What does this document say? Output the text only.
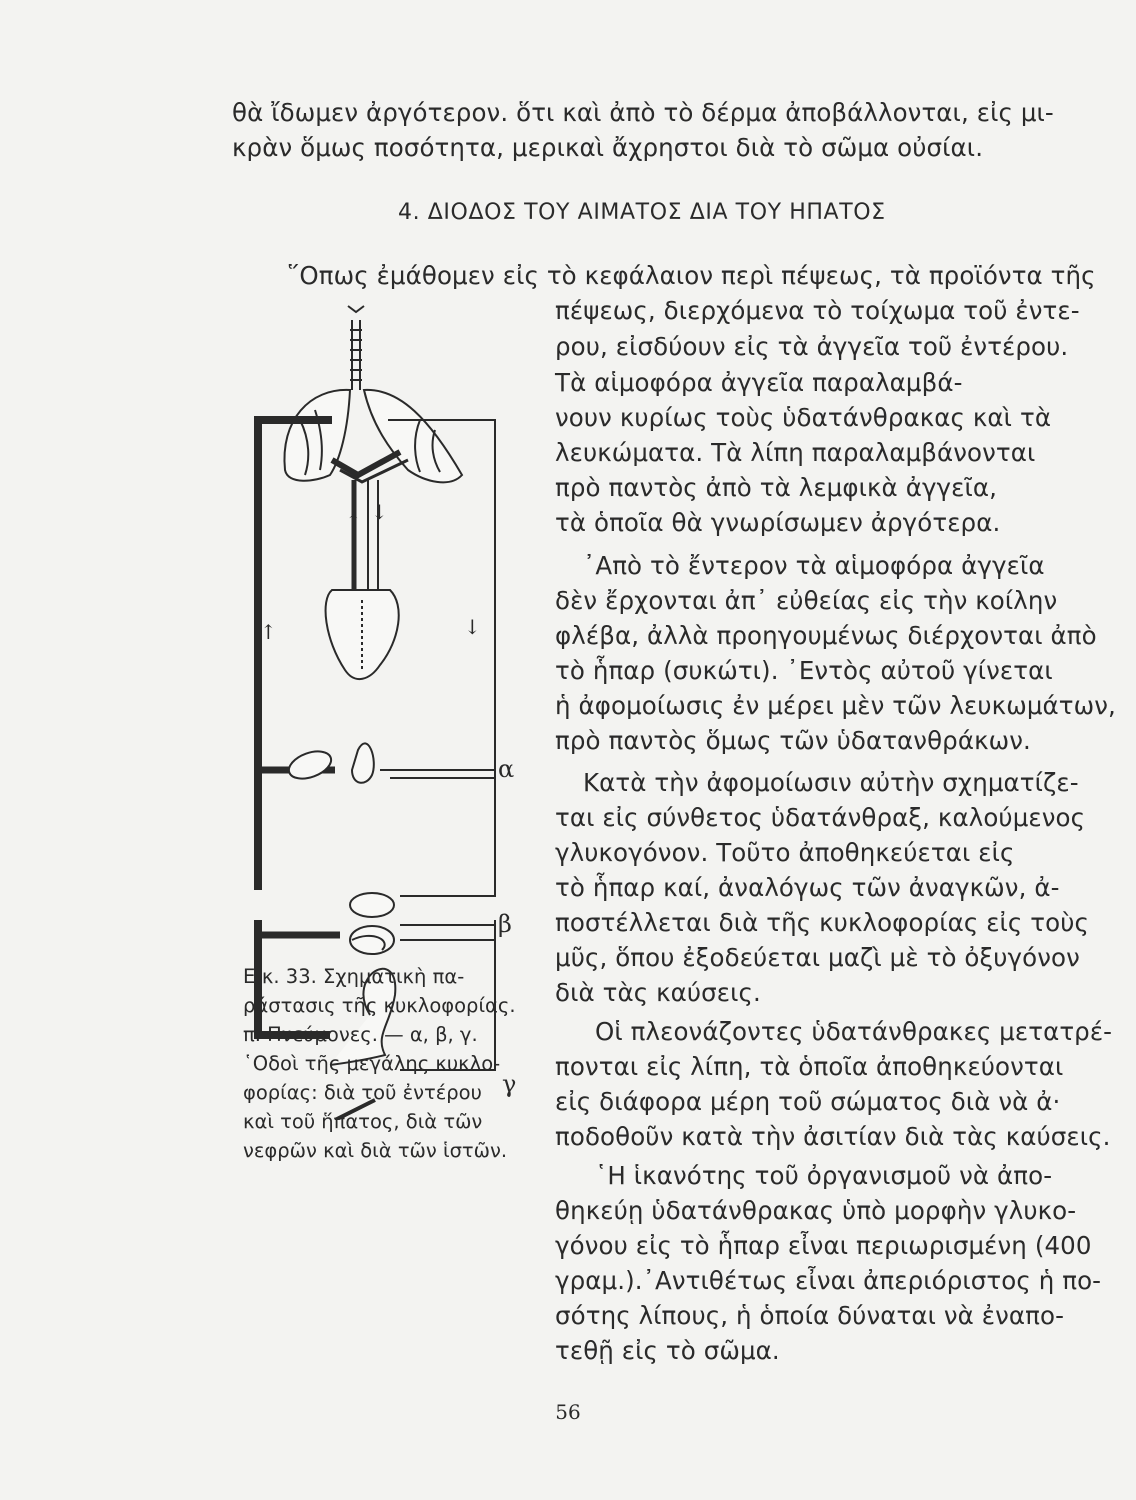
θὰ ἴδωμεν ἀργότερον. ὅτι καὶ ἀπὸ τὸ δέρμα ἀποβάλλονται, εἰς μι-
κρὰν ὅμως ποσότητα, μερικαὶ ἄχρηστοι διὰ τὸ σῶμα οὐσίαι.
4. ΔΙΟΔΟΣ ΤΟΥ ΑΙΜΑΤΟΣ ΔΙΑ ΤΟΥ ΗΠΑΤΟΣ
῞Οπως ἐμάθομεν εἰς τὸ κεφάλαιον περὶ πέψεως, τὰ προϊόντα τῆς
πέψεως, διερχόμενα τὸ τοίχωμα τοῦ ἐντε-
ρου, εἰσδύουν εἰς τὰ ἀγγεῖα τοῦ ἐντέρου.
Τὰ αἱμοφόρα ἀγγεῖα παραλαμβά-
νουν κυρίως τοὺς ὑδατάνθρακας καὶ τὰ
λευκώματα. Τὰ λίπη παραλαμβάνονται
πρὸ παντὸς ἀπὸ τὰ λεμφικὰ ἀγγεῖα,
τὰ ὁποῖα θὰ γνωρίσωμεν ἀργότερα.
᾿Απὸ τὸ ἔντερον τὰ αἱμοφόρα ἀγγεῖα
δὲν ἔρχονται ἀπ᾿ εὐθείας εἰς τὴν κοίλην
φλέβα, ἀλλὰ προηγουμένως διέρχονται ἀπὸ
τὸ ἧπαρ (συκώτι). ᾿Εντὸς αὐτοῦ γίνεται
ἡ ἀφομοίωσις ἐν μέρει μὲν τῶν λευκωμάτων,
πρὸ παντὸς ὅμως τῶν ὑδατανθράκων.
Κατὰ τὴν ἀφομοίωσιν αὐτὴν σχηματίζε-
ται εἰς σύνθετος ὑδατάνθραξ, καλούμενος
γλυκογόνον. Τοῦτο ἀποθηκεύεται εἰς
τὸ ἧπαρ καί, ἀναλόγως τῶν ἀναγκῶν, ἀ-
ποστέλλεται διὰ τῆς κυκλοφορίας εἰς τοὺς
μῦς, ὅπου ἐξοδεύεται μαζὶ μὲ τὸ ὀξυγόνον
διὰ τὰς καύσεις.
Οἱ πλεονάζοντες ὑδατάνθρακες μετατρέ-
πονται εἰς λίπη, τὰ ὁποῖα ἀποθηκεύονται
εἰς διάφορα μέρη τοῦ σώματος διὰ νὰ ἀ·
ποδοθοῦν κατὰ τὴν ἀσιτίαν διὰ τὰς καύσεις.
῾Η ἱκανότης τοῦ ὀργανισμοῦ νὰ ἀπο-
θηκεύῃ ὑδατάνθρακας ὑπὸ μορφὴν γλυκο-
γόνου εἰς τὸ ἧπαρ εἶναι περιωρισμένη (400
γραμ.).᾿Αντιθέτως εἶναι ἀπεριόριστος ἡ πο-
σότης λίπους, ἡ ὁποία δύναται νὰ ἐναπο-
τεθῇ εἰς τὸ σῶμα.
α
β
γ
↑ ↓
↑	↓
Εἰκ. 33. Σχηματικὴ πα-
ράστασις τῆς κυκλοφορίας.
π. Πνεύμονες. — α, β, γ.
῾Οδοὶ τῆς μεγάλης κυκλο-
φορίας: διὰ τοῦ ἐντέρου
καὶ τοῦ ἥπατος, διὰ τῶν
νεφρῶν καὶ διὰ τῶν ἱστῶν.
56
